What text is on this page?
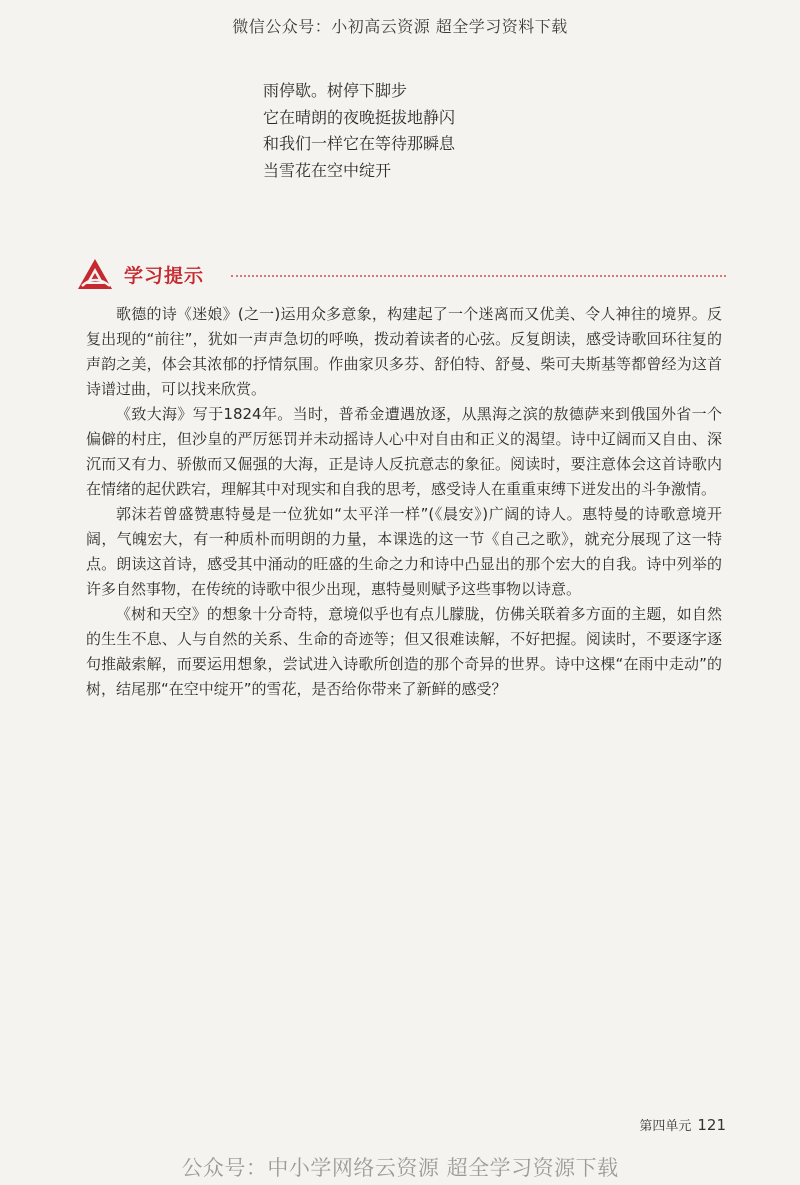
微信公众号：小初高云资源 超全学习资料下载
雨停歇。树停下脚步
它在晴朗的夜晚挺拔地静闪
和我们一样它在等待那瞬息
当雪花在空中绽开
学习提示

歌德的诗《迷娘》(之一)运用众多意象，构建起了一个迷离而又优美、令人神往的境界。反复出现的“前往”，犹如一声声急切的呼唤，拨动着读者的心弦。反复朗读，感受诗歌回环往复的声韵之美，体会其浓郁的抒情氛围。作曲家贝多芬、舒伯特、舒曼、柴可夫斯基等都曾经为这首诗谱过曲，可以找来欣赏。

《致大海》写于1824年。当时，普希金遭遇放逐，从黑海之滨的敖德萨来到俄国外省一个偏僻的村庄，但沙皇的严厉惩罚并未动摇诗人心中对自由和正义的渴望。诗中辽阔而又自由、深沉而又有力、骄傲而又倔强的大海，正是诗人反抗意志的象征。阅读时，要注意体会这首诗歌内在情绪的起伏跌宕，理解其中对现实和自我的思考，感受诗人在重重束缚下迸发出的斗争激情。

郭沫若曾盛赞惠特曼是一位犹如“太平洋一样”(《晨安》)广阔的诗人。惠特曼的诗歌意境开阔，气魄宏大，有一种质朴而明朗的力量，本课选的这一节《自己之歌》，就充分展现了这一特点。朗读这首诗，感受其中涌动的旺盛的生命之力和诗中凸显出的那个宏大的自我。诗中列举的许多自然事物，在传统的诗歌中很少出现，惠特曼则赋予这些事物以诗意。

《树和天空》的想象十分奇特，意境似乎也有点儿朦胧，仿佛关联着多方面的主题，如自然的生生不息、人与自然的关系、生命的奇迹等；但又很难读解，不好把握。阅读时，不要逐字逐句推敲索解，而要运用想象，尝试进入诗歌所创造的那个奇异的世界。诗中这棵“在雨中走动”的树，结尾那“在空中绽开”的雪花，是否给你带来了新鲜的感受？

第四单元 121
公众号：中小学网络云资源 超全学习资源下载
